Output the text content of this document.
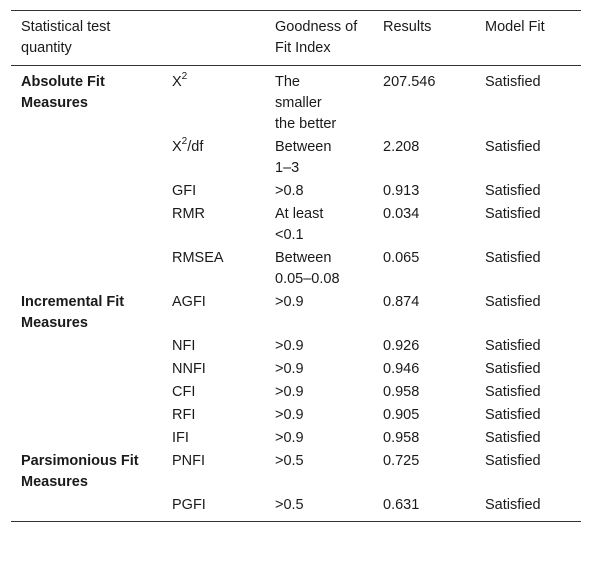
Statistical test quantity		Goodness of Fit Index	Results	Model Fit
Absolute Fit Measures	$X^2$	The smaller the better	207.546	Satisfied
	$X^2/df$	Between 1–3	2.208	Satisfied
	GFI	>0.8	0.913	Satisfied
	RMR	At least <0.1	0.034	Satisfied
	RMSEA	Between 0.05–0.08	0.065	Satisfied
Incremental Fit Measures	AGFI	>0.9	0.874	Satisfied
	NFI	>0.9	0.926	Satisfied
	NNFI	>0.9	0.946	Satisfied
	CFI	>0.9	0.958	Satisfied
	RFI	>0.9	0.905	Satisfied
	IFI	>0.9	0.958	Satisfied
Parsimonious Fit Measures	PNFI	>0.5	0.725	Satisfied
	PGFI	>0.5	0.631	Satisfied
